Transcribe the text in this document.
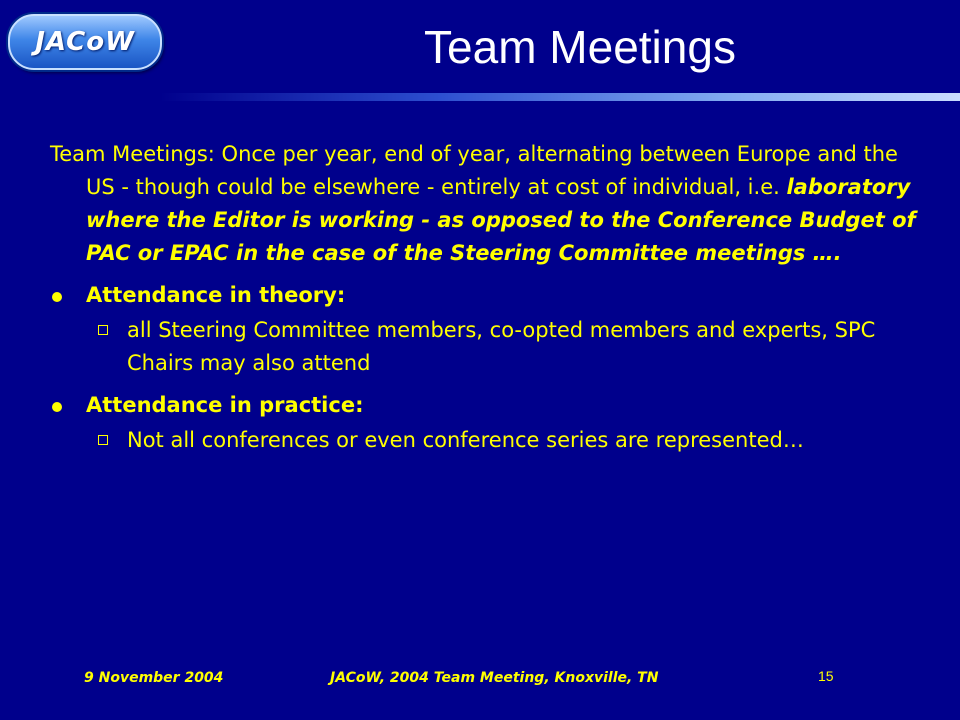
JACoW	Team Meetings

Team Meetings: Once per year, end of year, alternating between Europe and the US - though could be elsewhere - entirely at cost of individual, i.e. laboratory where the Editor is working - as opposed to the Conference Budget of PAC or EPAC in the case of the Steering Committee meetings ….

Attendance in theory:
all Steering Committee members, co-opted members and experts, SPC Chairs may also attend
Attendance in practice:
Not all conferences or even conference series are represented…
9 November 2004	JACoW, 2004 Team Meeting, Knoxville, TN	15
